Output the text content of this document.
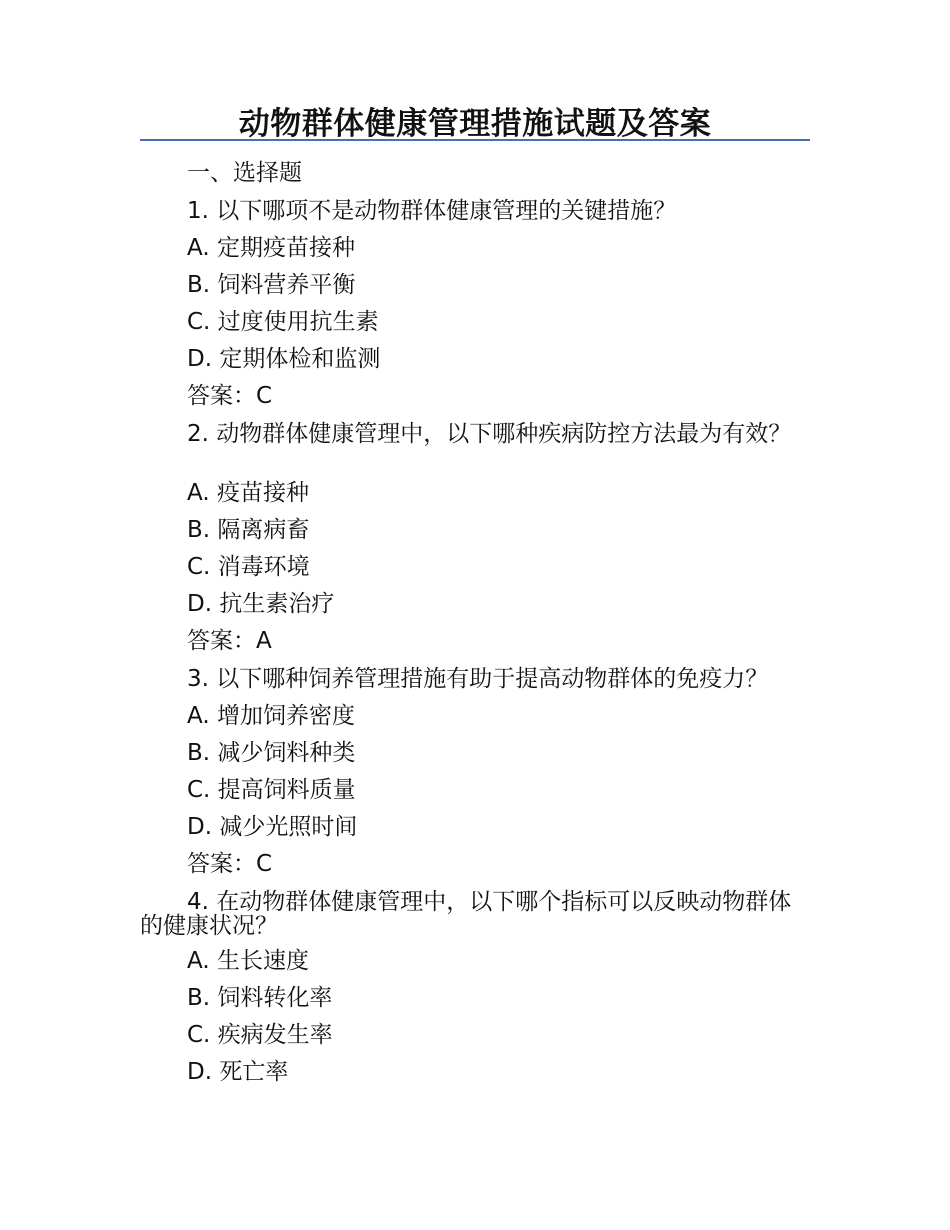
动物群体健康管理措施试题及答案
一、选择题
1. 以下哪项不是动物群体健康管理的关键措施？
A. 定期疫苗接种
B. 饲料营养平衡
C. 过度使用抗生素
D. 定期体检和监测
答案：C
2. 动物群体健康管理中，以下哪种疾病防控方法最为有效？
A. 疫苗接种
B. 隔离病畜
C. 消毒环境
D. 抗生素治疗
答案：A
3. 以下哪种饲养管理措施有助于提高动物群体的免疫力？
A. 增加饲养密度
B. 减少饲料种类
C. 提高饲料质量
D. 减少光照时间
答案：C
4. 在动物群体健康管理中，以下哪个指标可以反映动物群体的健康状况？
A. 生长速度
B. 饲料转化率
C. 疾病发生率
D. 死亡率
